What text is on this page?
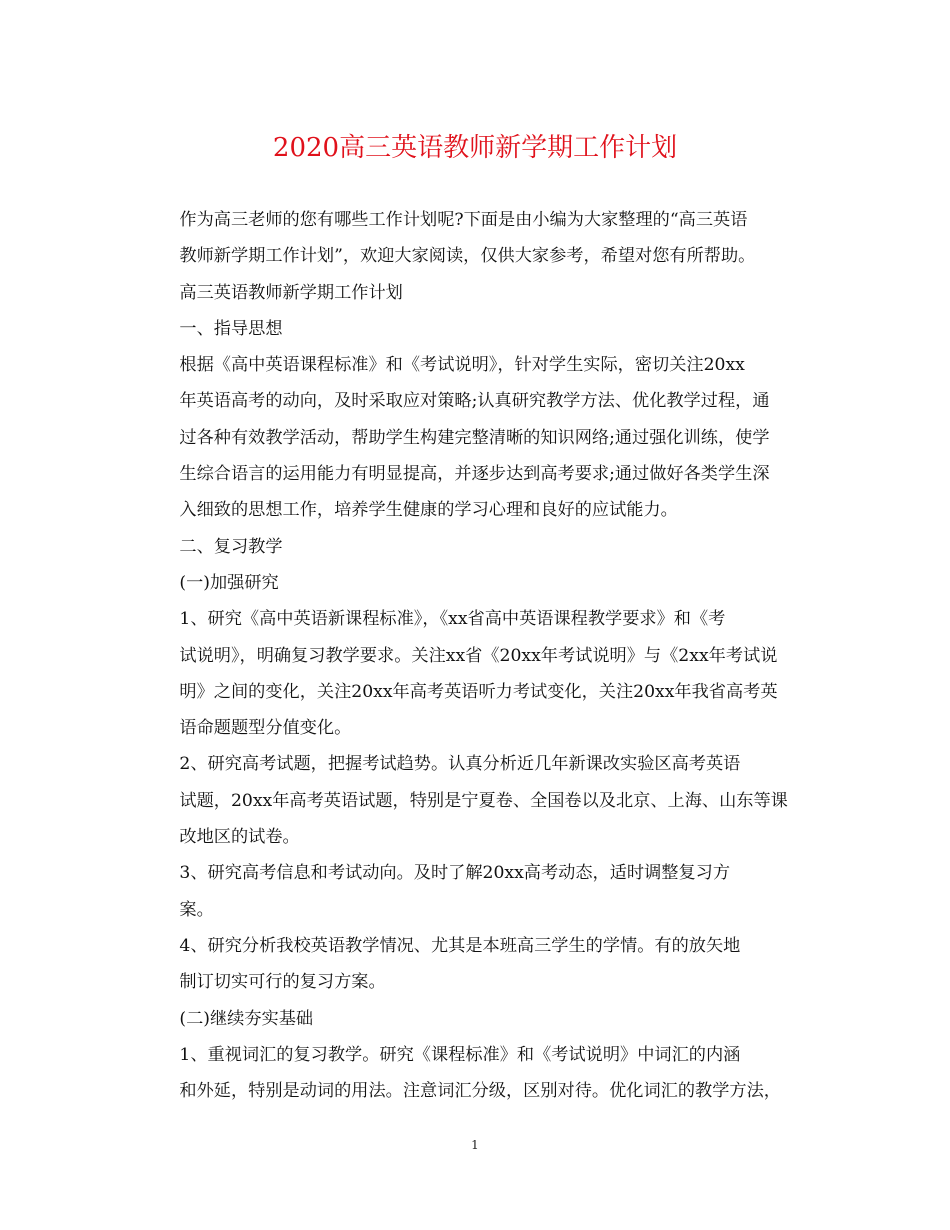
2020高三英语教师新学期工作计划

作为高三老师的您有哪些工作计划呢?下面是由小编为大家整理的“高三英语
教师新学期工作计划”，欢迎大家阅读，仅供大家参考，希望对您有所帮助。

高三英语教师新学期工作计划

一、指导思想

根据《高中英语课程标准》和《考试说明》，针对学生实际，密切关注20xx
年英语高考的动向，及时采取应对策略;认真研究教学方法、优化教学过程，通
过各种有效教学活动，帮助学生构建完整清晰的知识网络;通过强化训练，使学
生综合语言的运用能力有明显提高，并逐步达到高考要求;通过做好各类学生深
入细致的思想工作，培养学生健康的学习心理和良好的应试能力。

二、复习教学

(一)加强研究

1、研究《高中英语新课程标准》，《xx省高中英语课程教学要求》和《考
试说明》，明确复习教学要求。关注xx省《20xx年考试说明》与《2xx年考试说
明》之间的变化，关注20xx年高考英语听力考试变化，关注20xx年我省高考英
语命题题型分值变化。

2、研究高考试题，把握考试趋势。认真分析近几年新课改实验区高考英语
试题，20xx年高考英语试题，特别是宁夏卷、全国卷以及北京、上海、山东等课
改地区的试卷。

3、研究高考信息和考试动向。及时了解20xx高考动态，适时调整复习方
案。

4、研究分析我校英语教学情况、尤其是本班高三学生的学情。有的放矢地
制订切实可行的复习方案。

(二)继续夯实基础

1、重视词汇的复习教学。研究《课程标准》和《考试说明》中词汇的内涵
和外延，特别是动词的用法。注意词汇分级，区别对待。优化词汇的教学方法，

1
